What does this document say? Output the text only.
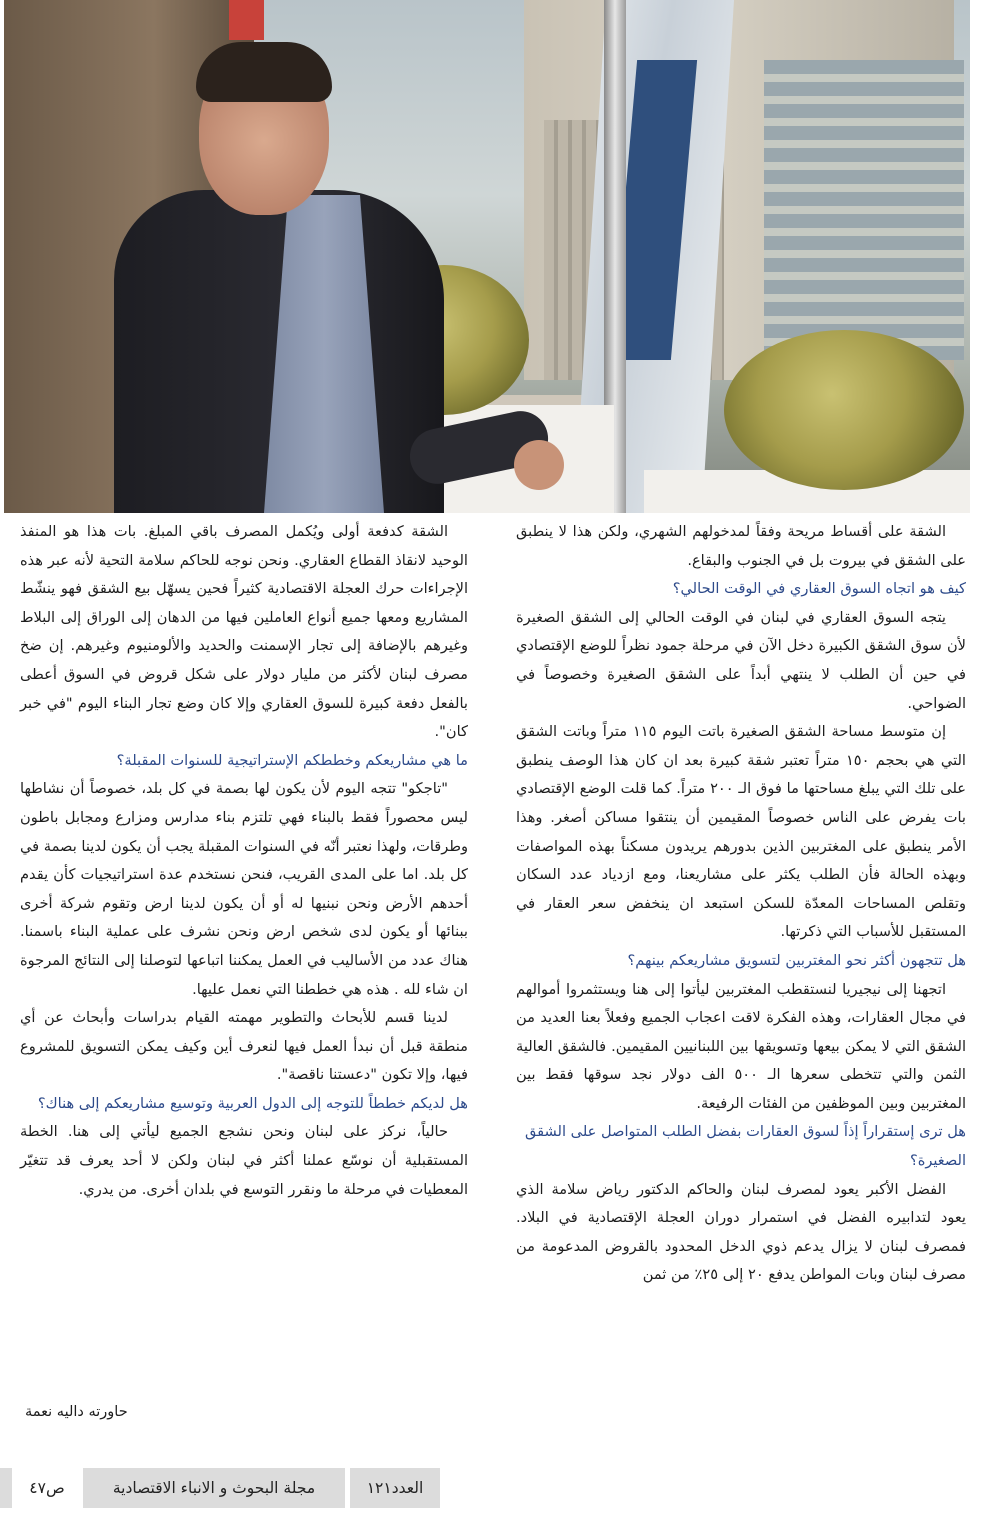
الشقة على أقساط مريحة وفقاً لمدخولهم الشهري، ولكن هذا لا ينطبق على الشقق في بيروت بل في الجنوب والبقاع.

كيف هو اتجاه السوق العقاري في الوقت الحالي؟

يتجه السوق العقاري في لبنان في الوقت الحالي إلى الشقق الصغيرة لأن سوق الشقق الكبيرة دخل الآن في مرحلة جمود نظراً للوضع الإقتصادي في حين أن الطلب لا ينتهي أبداً على الشقق الصغيرة وخصوصاً في الضواحي.

إن متوسط مساحة الشقق الصغيرة باتت اليوم ١١٥ متراً وباتت الشقق التي هي بحجم ١٥٠ متراً تعتبر شقة كبيرة بعد ان كان هذا الوصف ينطبق على تلك التي يبلغ مساحتها ما فوق الـ ٢٠٠ متراً. كما قلت الوضع الإقتصادي بات يفرض على الناس خصوصاً المقيمين أن ينتقوا مساكن أصغر. وهذا الأمر ينطبق على المغتربين الذين بدورهم يريدون مسكناً بهذه المواصفات وبهذه الحالة فأن الطلب يكثر على مشاريعنا، ومع ازدياد عدد السكان وتقلص المساحات المعدّة للسكن استبعد ان ينخفض سعر العقار في المستقبل للأسباب التي ذكرتها.

هل تتجهون أكثر نحو المغتربين لتسويق مشاريعكم بينهم؟

اتجهنا إلى نيجيريا لنستقطب المغتربين ليأتوا إلى هنا ويستثمروا أموالهم في مجال العقارات، وهذه الفكرة لاقت اعجاب الجميع وفعلاً بعنا العديد من الشقق التي لا يمكن بيعها وتسويقها بين اللبنانيين المقيمين. فالشقق العالية الثمن والتي تتخطى سعرها الـ ٥٠٠ الف دولار نجد سوقها فقط بين المغتربين وبين الموظفين من الفئات الرفيعة.

هل ترى إستقراراً إذاً لسوق العقارات بفضل الطلب المتواصل على الشقق الصغيرة؟

الفضل الأكبر يعود لمصرف لبنان والحاكم الدكتور رياض سلامة الذي يعود لتدابيره الفضل في استمرار دوران العجلة الإقتصادية في البلاد. فمصرف لبنان لا يزال يدعم ذوي الدخل المحدود بالقروض المدعومة من مصرف لبنان وبات المواطن يدفع ٢٠ إلى ٢٥٪ من ثمن

الشقة كدفعة أولى ويُكمل المصرف باقي المبلغ. بات هذا هو المنفذ الوحيد لانقاذ القطاع العقاري. ونحن نوجه للحاكم سلامة التحية لأنه عبر هذه الإجراءات حرك العجلة الاقتصادية كثيراً فحين يسهّل بيع الشقق فهو ينشّط المشاريع ومعها جميع أنواع العاملين فيها من الدهان إلى الوراق إلى البلاط وغيرهم بالإضافة إلى تجار الإسمنت والحديد والألومنيوم وغيرهم. إن ضخ مصرف لبنان لأكثر من مليار دولار على شكل قروض في السوق أعطى بالفعل دفعة كبيرة للسوق العقاري وإلا كان وضع تجار البناء اليوم "في خبر كان".

ما هي مشاريعكم وخططكم الإستراتيجية للسنوات المقبلة؟

"تاجكو" تتجه اليوم لأن يكون لها بصمة في كل بلد، خصوصاً أن نشاطها ليس محصوراً فقط بالبناء فهي تلتزم بناء مدارس ومزارع ومجابل باطون وطرقات، ولهذا نعتبر أنّه في السنوات المقبلة يجب أن يكون لدينا بصمة في كل بلد. اما على المدى القريب، فنحن نستخدم عدة استراتيجيات كأن يقدم أحدهم الأرض ونحن نبنيها له أو أن يكون لدينا ارض وتقوم شركة أخرى ببنائها أو يكون لدى شخص ارض ونحن نشرف على عملية البناء باسمنا. هناك عدد من الأساليب في العمل يمكننا اتباعها لتوصلنا إلى النتائج المرجوة ان شاء لله . هذه هي خططنا التي نعمل عليها.

لدينا قسم للأبحاث والتطوير مهمته القيام بدراسات وأبحاث عن أي منطقة قبل أن نبدأ العمل فيها لنعرف أين وكيف يمكن التسويق للمشروع فيها، وإلا تكون "دعستنا ناقصة".

هل لديكم خططاً للتوجه إلى الدول العربية وتوسيع مشاريعكم إلى هناك؟

حالياً، نركز على لبنان ونحن نشجع الجميع ليأتي إلى هنا. الخطة المستقبلية أن نوسّع عملنا أكثر في لبنان ولكن لا أحد يعرف قد تتغيّر المعطيات في مرحلة ما ونقرر التوسع في بلدان أخرى. من يدري.

حاورته داليه نعمة
العدد١٢١
مجلة البحوث و الانباء الاقتصادية
ص٤٧
